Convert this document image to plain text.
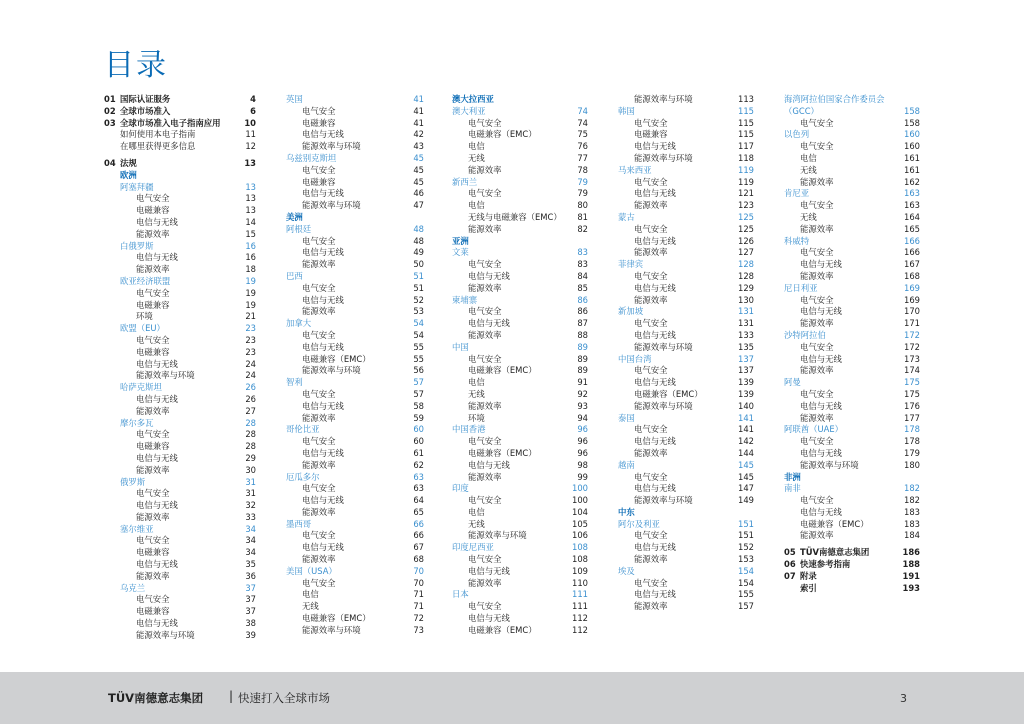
目录
01 国际认证服务	4
02 全球市场准入	6
03 全球市场准入电子指南应用	10
如何使用本电子指南	11
在哪里获得更多信息	12
04 法规	13
欧洲
阿塞拜疆	13
电气安全	13
电磁兼容	13
电信与无线	14
能源效率	15
白俄罗斯	16
电信与无线	16
能源效率	18
欧亚经济联盟	19
电气安全	19
电磁兼容	19
环境	21
欧盟（EU）	23
电气安全	23
电磁兼容	23
电信与无线	24
能源效率与环境	24
哈萨克斯坦	26
电信与无线	26
能源效率	27
摩尔多瓦	28
电气安全	28
电磁兼容	28
电信与无线	29
能源效率	30
俄罗斯	31
电气安全	31
电信与无线	32
能源效率	33
塞尔维亚	34
电气安全	34
电磁兼容	34
电信与无线	35
能源效率	36
乌克兰	37
电气安全	37
电磁兼容	37
电信与无线	38
能源效率与环境	39
英国	41
电气安全	41
电磁兼容	41
电信与无线	42
能源效率与环境	43
乌兹别克斯坦	45
电气安全	45
电磁兼容	45
电信与无线	46
能源效率与环境	47
美洲
阿根廷	48
电气安全	48
电信与无线	49
能源效率	50
巴西	51
电气安全	51
电信与无线	52
能源效率	53
加拿大	54
电气安全	54
电信与无线	55
电磁兼容（EMC）	55
能源效率与环境	56
智利	57
电气安全	57
电信与无线	58
能源效率	59
哥伦比亚	60
电气安全	60
电信与无线	61
能源效率	62
厄瓜多尔	63
电气安全	63
电信与无线	64
能源效率	65
墨西哥	66
电气安全	66
电信与无线	67
能源效率	68
美国（USA）	70
电气安全	70
电信	71
无线	71
电磁兼容（EMC）	72
能源效率与环境	73
澳大拉西亚
澳大利亚	74
电气安全	74
电磁兼容（EMC）	75
电信	76
无线	77
能源效率	78
新西兰	79
电气安全	79
电信	80
无线与电磁兼容（EMC） 81
能源效率	82
亚洲
文莱	83
电气安全	83
电信与无线	84
能源效率	85
柬埔寨	86
电气安全	86
电信与无线	87
能源效率	88
中国	89
电气安全	89
电磁兼容（EMC）	89
电信	91
无线	92
能源效率	93
环境	94
中国香港	96
电气安全	96
电磁兼容（EMC）	96
电信与无线	98
能源效率	99
印度	100
电气安全	100
电信	104
无线	105
能源效率与环境	106
印度尼西亚	108
电气安全	108
电信与无线	109
能源效率	110
日本	111
电气安全	111
电信与无线	112
电磁兼容（EMC）	112
能源效率与环境	113
韩国	115
电气安全	115
电磁兼容	115
电信与无线	117
能源效率与环境	118
马来西亚	119
电气安全	119
电信与无线	121
能源效率	123
蒙古	125
电气安全	125
电信与无线	126
能源效率	127
菲律宾	128
电气安全	128
电信与无线	129
能源效率	130
新加坡	131
电气安全	131
电信与无线	133
能源效率与环境	135
中国台湾	137
电气安全	137
电信与无线	139
电磁兼容（EMC）	139
能源效率与环境	140
泰国	141
电气安全	141
电信与无线	142
能源效率	144
越南	145
电气安全	145
电信与无线	147
能源效率与环境	149
中东
阿尔及利亚	151
电气安全	151
电信与无线	152
能源效率	153
埃及	154
电气安全	154
电信与无线	155
能源效率	157
海湾阿拉伯国家合作委员会
（GCC）	158
电气安全	158
以色列	160
电气安全	160
电信	161
无线	161
能源效率	162
肯尼亚	163
电气安全	163
无线	164
能源效率	165
科威特	166
电气安全	166
电信与无线	167
能源效率	168
尼日利亚	169
电气安全	169
电信与无线	170
能源效率	171
沙特阿拉伯	172
电气安全	172
电信与无线	173
能源效率	174
阿曼	175
电气安全	175
电信与无线	176
能源效率	177
阿联酋（UAE）	178
电气安全	178
电信与无线	179
能源效率与环境	180
非洲
南非	182
电气安全	182
电信与无线	183
电磁兼容（EMC）	183
能源效率	184
05 TÜV南德意志集团	186
06 快速参考指南	188
07 附录	191
索引	193
TÜV南德意志集团 | 快速打入全球市场	3
